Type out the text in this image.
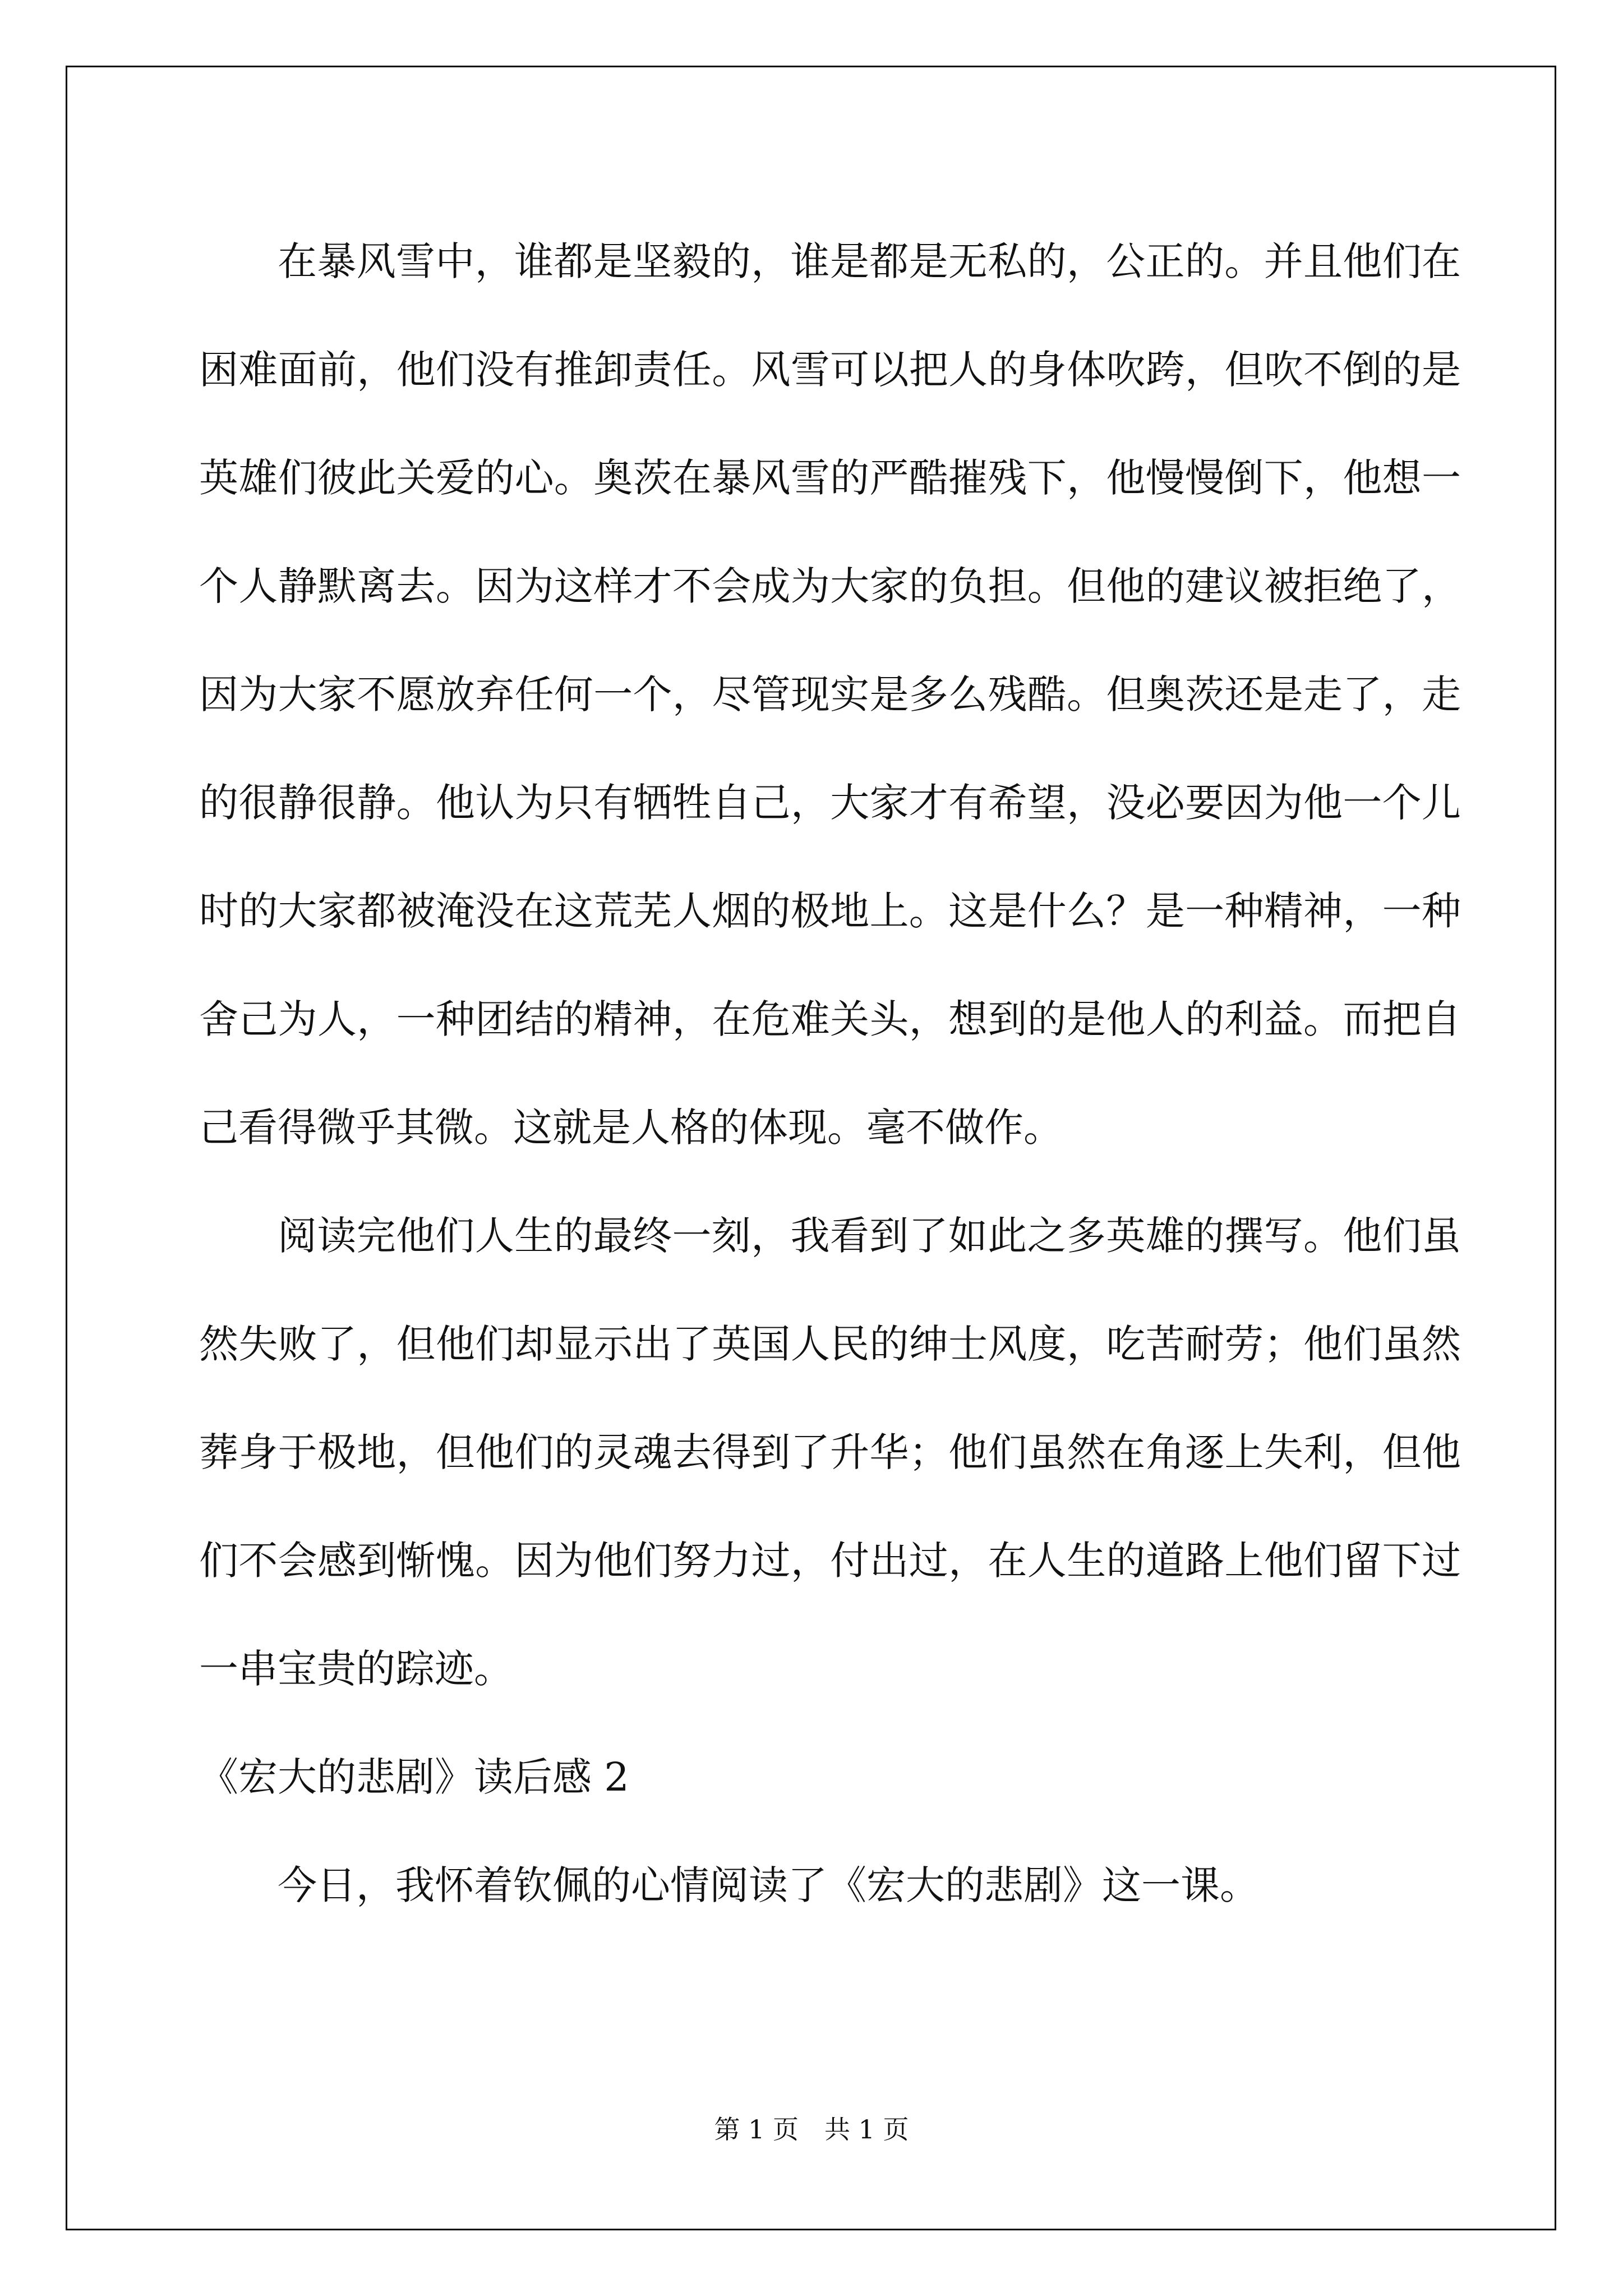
在暴风雪中，谁都是坚毅的，谁是都是无私的，公正的。并且他们在困难面前，他们没有推卸责任。风雪可以把人的身体吹跨，但吹不倒的是英雄们彼此关爱的心。奥茨在暴风雪的严酷摧残下，他慢慢倒下，他想一个人静默离去。因为这样才不会成为大家的负担。但他的建议被拒绝了，因为大家不愿放弃任何一个，尽管现实是多么残酷。但奥茨还是走了，走的很静很静。他认为只有牺牲自己，大家才有希望，没必要因为他一个儿时的大家都被淹没在这荒芜人烟的极地上。这是什么？是一种精神，一种舍己为人，一种团结的精神，在危难关头，想到的是他人的利益。而把自己看得微乎其微。这就是人格的体现。毫不做作。

阅读完他们人生的最终一刻，我看到了如此之多英雄的撰写。他们虽然失败了，但他们却显示出了英国人民的绅士风度，吃苦耐劳；他们虽然葬身于极地，但他们的灵魂去得到了升华；他们虽然在角逐上失利，但他们不会感到惭愧。因为他们努力过，付出过，在人生的道路上他们留下过一串宝贵的踪迹。

《宏大的悲剧》读后感 2

今日，我怀着钦佩的心情阅读了《宏大的悲剧》这一课。

第 1 页　共 1 页
